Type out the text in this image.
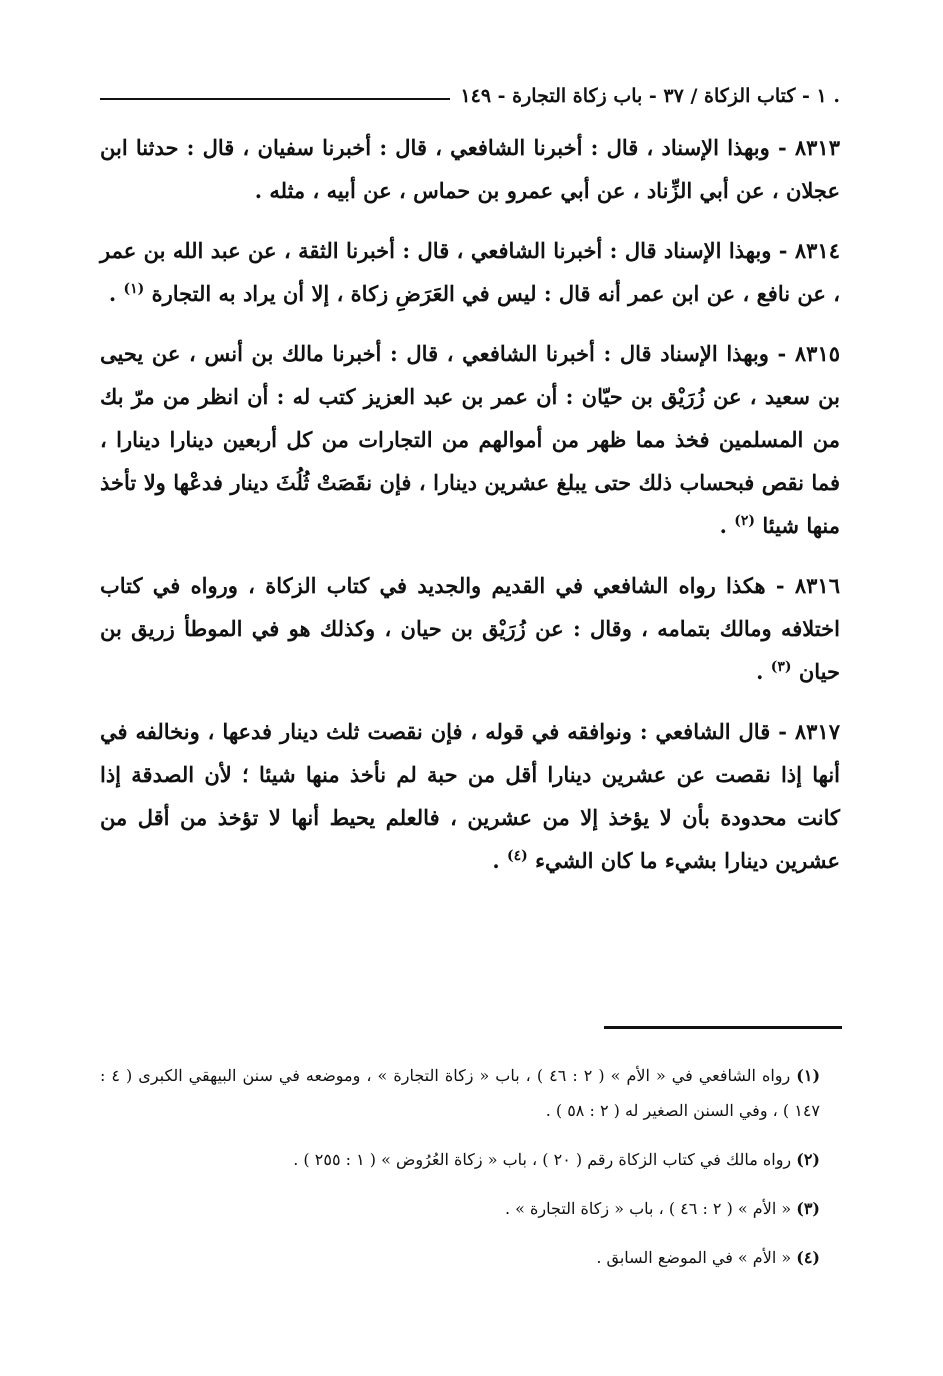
. ١ - كتاب الزكاة / ٣٧ - باب زكاة التجارة - ١٤٩

٨٣١٣ - وبهذا الإسناد ، قال : أخبرنا الشافعي ، قال : أخبرنا سفيان ، قال : حدثنا ابن عجلان ، عن أبي الزِّناد ، عن أبي عمرو بن حماس ، عن أبيه ، مثله .

٨٣١٤ - وبهذا الإسناد قال : أخبرنا الشافعي ، قال : أخبرنا الثقة ، عن عبد الله بن عمر ، عن نافع ، عن ابن عمر أنه قال : ليس في العَرَضِ زكاة ، إلا أن يراد به التجارة $^{(١)}$ .

٨٣١٥ - وبهذا الإسناد قال : أخبرنا الشافعي ، قال : أخبرنا مالك بن أنس ، عن يحيى بن سعيد ، عن زُرَيْق بن حيّان : أن عمر بن عبد العزيز كتب له : أن انظر من مرّ بك من المسلمين فخذ مما ظهر من أموالهم من التجارات من كل أربعين دينارا دينارا ، فما نقص فبحساب ذلك حتى يبلغ عشرين دينارا ، فإن نقَصَتْ ثُلُثَ دينار فدعْها ولا تأخذ منها شيئا $^{(٢)}$ .

٨٣١٦ - هكذا رواه الشافعي في القديم والجديد في كتاب الزكاة ، ورواه في كتاب اختلافه ومالك بتمامه ، وقال : عن زُرَيْق بن حيان ، وكذلك هو في الموطأ زريق بن حيان $^{(٣)}$ .

٨٣١٧ - قال الشافعي : ونوافقه في قوله ، فإن نقصت ثلث دينار فدعها ، ونخالفه في أنها إذا نقصت عن عشرين دينارا أقل من حبة لم نأخذ منها شيئا ؛ لأن الصدقة إذا كانت محدودة بأن لا يؤخذ إلا من عشرين ، فالعلم يحيط أنها لا تؤخذ من أقل من عشرين دينارا بشيء ما كان الشيء $^{(٤)}$ .

(١) رواه الشافعي في « الأم » ( ٢ : ٤٦ ) ، باب « زكاة التجارة » ، وموضعه في سنن البيهقي الكبرى ( ٤ : ١٤٧ ) ، وفي السنن الصغير له ( ٢ : ٥٨ ) .

(٢) رواه مالك في كتاب الزكاة رقم ( ٢٠ ) ، باب « زكاة العُرُوض » ( ١ : ٢٥٥ ) .

(٣) « الأم » ( ٢ : ٤٦ ) ، باب « زكاة التجارة » .

(٤) « الأم » في الموضع السابق .
